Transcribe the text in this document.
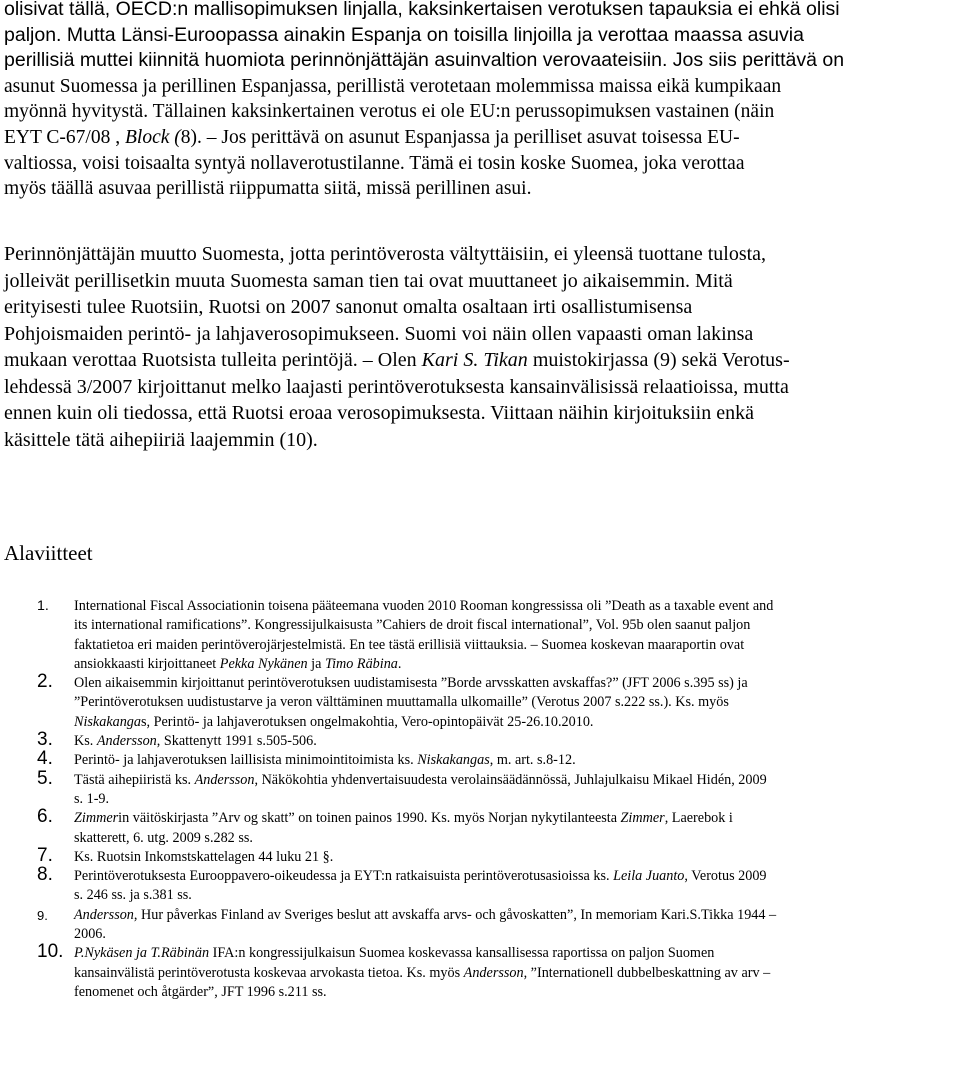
olisivat tällä, OECD:n mallisopimuksen linjalla, kaksinkertaisen verotuksen tapauksia ei ehkä olisi
paljon. Mutta Länsi-Euroopassa ainakin Espanja on toisilla linjoilla ja verottaa maassa asuvia
perillisiä muttei kiinnitä huomiota perinnönjättäjän asuinvaltion verovaateisiin. Jos siis perittävä on
asunut Suomessa ja perillinen Espanjassa, perillistä verotetaan molemmissa maissa eikä kumpikaan
myönnä hyvitystä. Tällainen kaksinkertainen verotus ei ole EU:n perussopimuksen vastainen (näin
EYT C-67/08 , Block (8). – Jos perittävä on asunut Espanjassa ja perilliset asuvat toisessa EU-
valtiossa, voisi toisaalta syntyä nollaverotustilanne. Tämä ei tosin koske Suomea, joka verottaa
myös täällä asuvaa perillistä riippumatta siitä, missä perillinen asui.
Perinnönjättäjän muutto Suomesta, jotta perintöverosta vältyttäisiin, ei yleensä tuottane tulosta,
jolleivät perillisetkin muuta Suomesta saman tien tai ovat muuttaneet jo aikaisemmin. Mitä
erityisesti tulee Ruotsiin, Ruotsi on 2007 sanonut omalta osaltaan irti osallistumisensa
Pohjoismaiden perintö- ja lahjaverosopimukseen. Suomi voi näin ollen vapaasti oman lakinsa
mukaan verottaa Ruotsista tulleita perintöjä. – Olen Kari S. Tikan muistokirjassa (9) sekä Verotus-
lehdessä 3/2007 kirjoittanut melko laajasti perintöverotuksesta kansainvälisissä relaatioissa, mutta
ennen kuin oli tiedossa, että Ruotsi eroaa verosopimuksesta. Viittaan näihin kirjoituksiin enkä
käsittele tätä aihepiiriä laajemmin (10).
Alaviitteet
1. International Fiscal Associationin toisena pääteemana vuoden 2010 Rooman kongressissa oli ”Death as a taxable event and
its international ramifications”. Kongressijulkaisusta ”Cahiers de droit fiscal international”, Vol. 95b olen saanut paljon
faktatietoa eri maiden perintöverojärjestelmistä. En tee tästä erillisiä viittauksia. – Suomea koskevan maaraportin ovat
ansiokkaasti kirjoittaneet Pekka Nykänen ja Timo Räbina.
2. Olen aikaisemmin kirjoittanut perintöverotuksen uudistamisesta ”Borde arvsskatten avskaffas?” (JFT 2006 s.395 ss) ja
”Perintöverotuksen uudistustarve ja veron välttäminen muuttamalla ulkomaille” (Verotus 2007 s.222 ss.). Ks. myös
Niskakangas, Perintö- ja lahjaverotuksen ongelmakohtia, Vero-opintopäivät 25-26.10.2010.
3. Ks. Andersson, Skattenytt 1991 s.505-506.
4. Perintö- ja lahjaverotuksen laillisista minimointitoimista ks. Niskakangas, m. art. s.8-12.
5. Tästä aihepiiristä ks. Andersson, Näkökohtia yhdenvertaisuudesta verolainsäädännössä, Juhlajulkaisu Mikael Hidén, 2009
s. 1-9.
6. Zimmerin väitöskirjasta ”Arv og skatt” on toinen painos 1990. Ks. myös Norjan nykytilanteesta Zimmer, Laerebok i
skatterett, 6. utg. 2009 s.282 ss.
7. Ks. Ruotsin Inkomstskattelagen 44 luku 21 §.
8. Perintöverotuksesta Eurooppavero-oikeudessa ja EYT:n ratkaisuista perintöverotusasioissa ks. Leila Juanto, Verotus 2009
s. 246 ss. ja s.381 ss.
9. Andersson, Hur påverkas Finland av Sveriges beslut att avskaffa arvs- och gåvoskatten”, In memoriam Kari.S.Tikka 1944 –
2006.
10. P.Nykäsen ja T.Räbinän IFA:n kongressijulkaisun Suomea koskevassa kansallisessa raportissa on paljon Suomen
kansainvälistä perintöverotusta koskevaa arvokasta tietoa. Ks. myös Andersson, ”Internationell dubbelbeskattning av arv –
fenomenet och åtgärder”, JFT 1996 s.211 ss.
